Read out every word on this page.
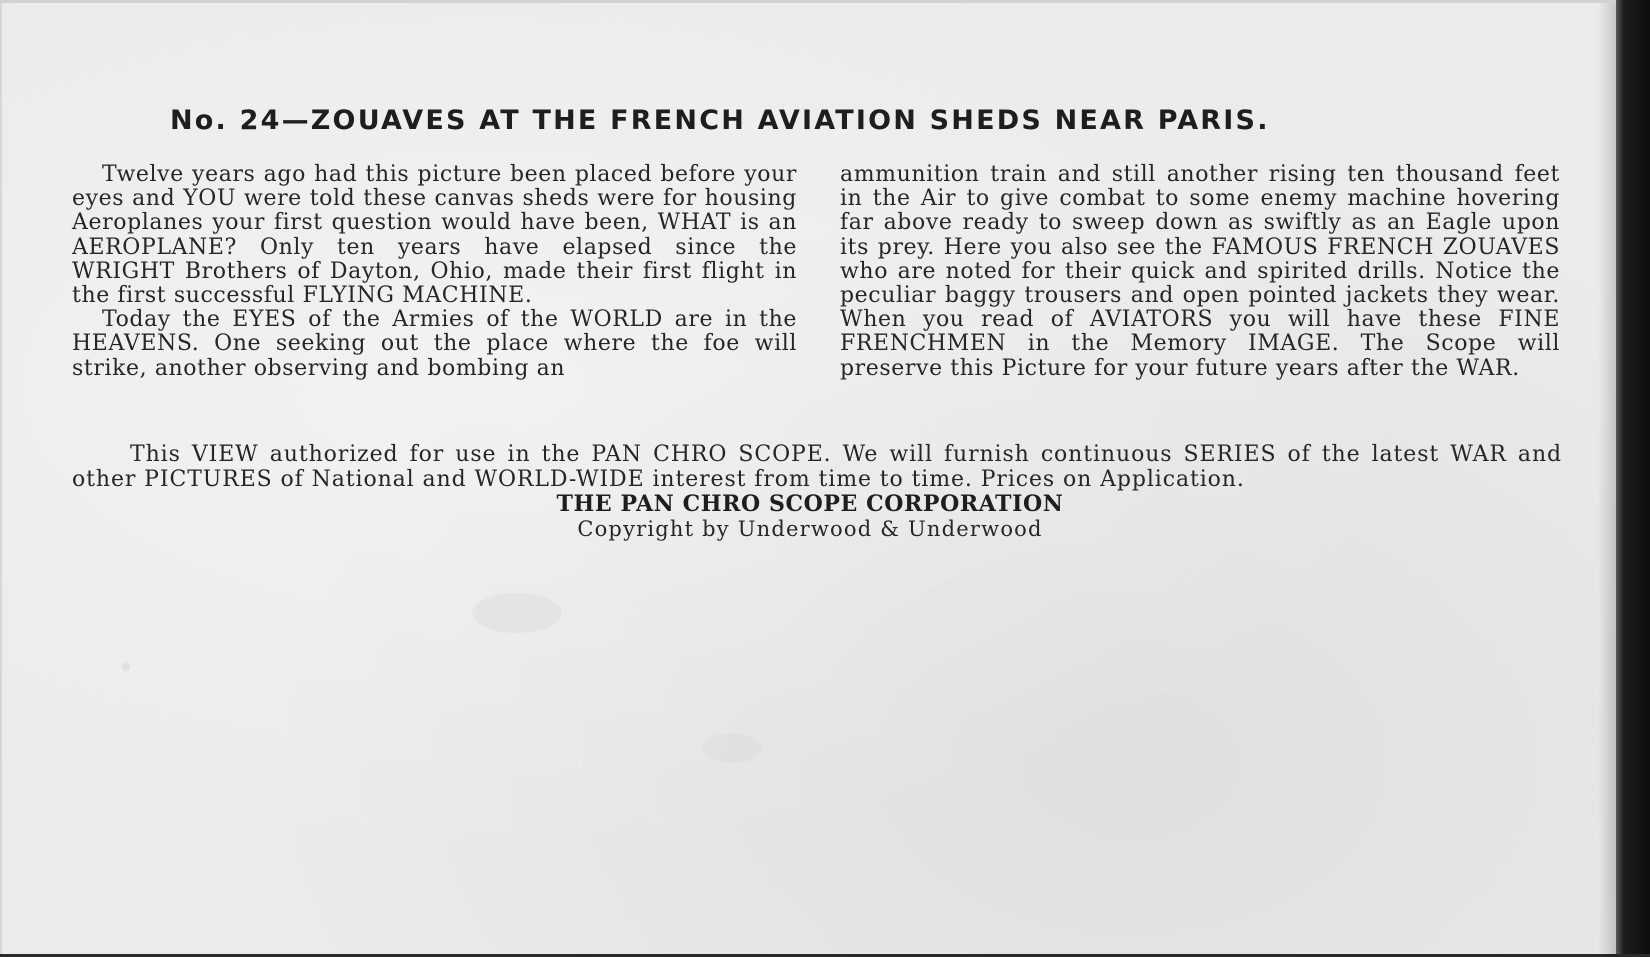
No. 24—ZOUAVES AT THE FRENCH AVIATION SHEDS NEAR PARIS.

Twelve years ago had this picture been placed before your eyes and YOU were told these canvas sheds were for housing Aeroplanes your first question would have been, WHAT is an AEROPLANE? Only ten years have elapsed since the WRIGHT Brothers of Dayton, Ohio, made their first flight in the first successful FLYING MACHINE.

Today the EYES of the Armies of the WORLD are in the HEAVENS. One seeking out the place where the foe will strike, another observing and bombing an

ammunition train and still another rising ten thousand feet in the Air to give combat to some enemy machine hovering far above ready to sweep down as swiftly as an Eagle upon its prey. Here you also see the FAMOUS FRENCH ZOUAVES who are noted for their quick and spirited drills. Notice the peculiar baggy trousers and open pointed jackets they wear. When you read of AVIATORS you will have these FINE FRENCHMEN in the Memory IMAGE. The Scope will preserve this Picture for your future years after the WAR.

This VIEW authorized for use in the PAN CHRO SCOPE. We will furnish continuous SERIES of the latest WAR and other PICTURES of National and WORLD-WIDE interest from time to time. Prices on Application.
THE PAN CHRO SCOPE CORPORATION
Copyright by Underwood & Underwood
